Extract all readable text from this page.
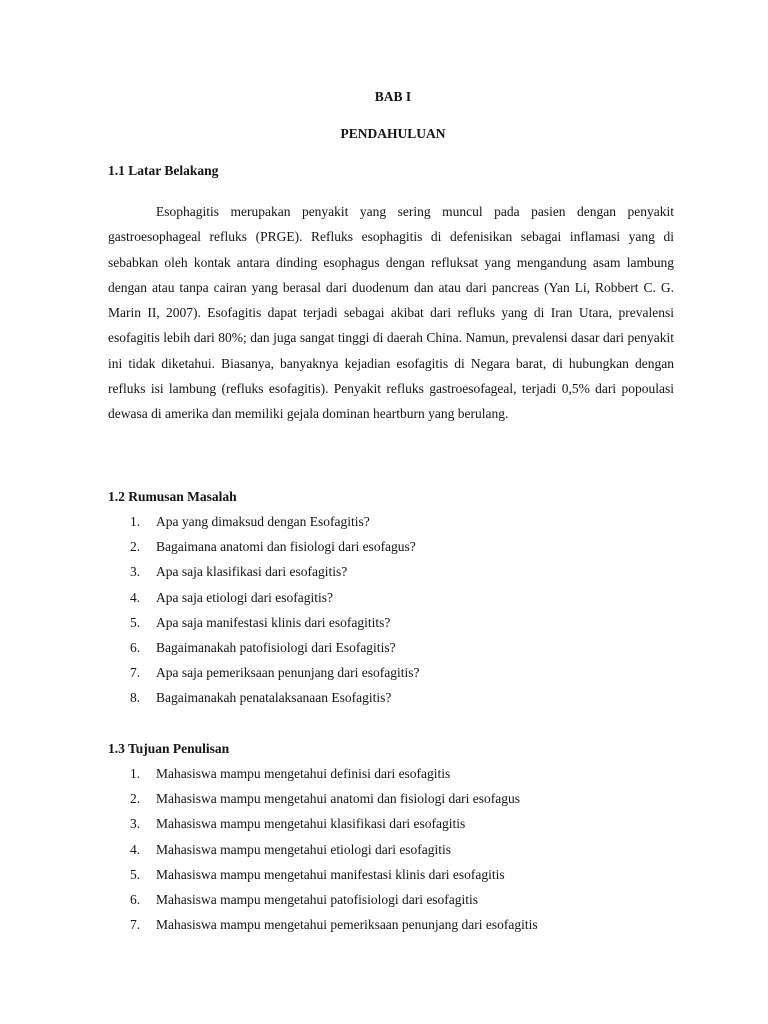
BAB I
PENDAHULUAN
1.1 Latar Belakang

Esophagitis merupakan penyakit yang sering muncul pada pasien dengan penyakit gastroesophageal refluks (PRGE). Refluks esophagitis di defenisikan sebagai inflamasi yang di sebabkan oleh kontak antara dinding esophagus dengan refluksat yang mengandung asam lambung dengan atau tanpa cairan yang berasal dari duodenum dan atau dari pancreas (Yan Li, Robbert C. G. Marin II, 2007). Esofagitis dapat terjadi sebagai akibat dari refluks yang di Iran Utara, prevalensi esofagitis lebih dari 80%; dan juga sangat tinggi di daerah China. Namun, prevalensi dasar dari penyakit ini tidak diketahui. Biasanya, banyaknya kejadian esofagitis di Negara barat, di hubungkan dengan refluks isi lambung (refluks esofagitis). Penyakit refluks gastroesofageal, terjadi 0,5% dari popoulasi dewasa di amerika dan memiliki gejala dominan heartburn yang berulang.

1.2 Rumusan Masalah
1. Apa yang dimaksud dengan Esofagitis?
2. Bagaimana anatomi dan fisiologi dari esofagus?
3. Apa saja klasifikasi dari esofagitis?
4. Apa saja etiologi dari esofagitis?
5. Apa saja manifestasi klinis dari esofagitits?
6. Bagaimanakah patofisiologi dari Esofagitis?
7. Apa saja pemeriksaan penunjang dari esofagitis?
8. Bagaimanakah penatalaksanaan Esofagitis?
1.3 Tujuan Penulisan
1. Mahasiswa mampu mengetahui definisi dari esofagitis
2. Mahasiswa mampu mengetahui anatomi dan fisiologi dari esofagus
3. Mahasiswa mampu mengetahui klasifikasi dari esofagitis
4. Mahasiswa mampu mengetahui etiologi dari esofagitis
5. Mahasiswa mampu mengetahui manifestasi klinis dari esofagitis
6. Mahasiswa mampu mengetahui patofisiologi dari esofagitis
7. Mahasiswa mampu mengetahui pemeriksaan penunjang dari esofagitis
